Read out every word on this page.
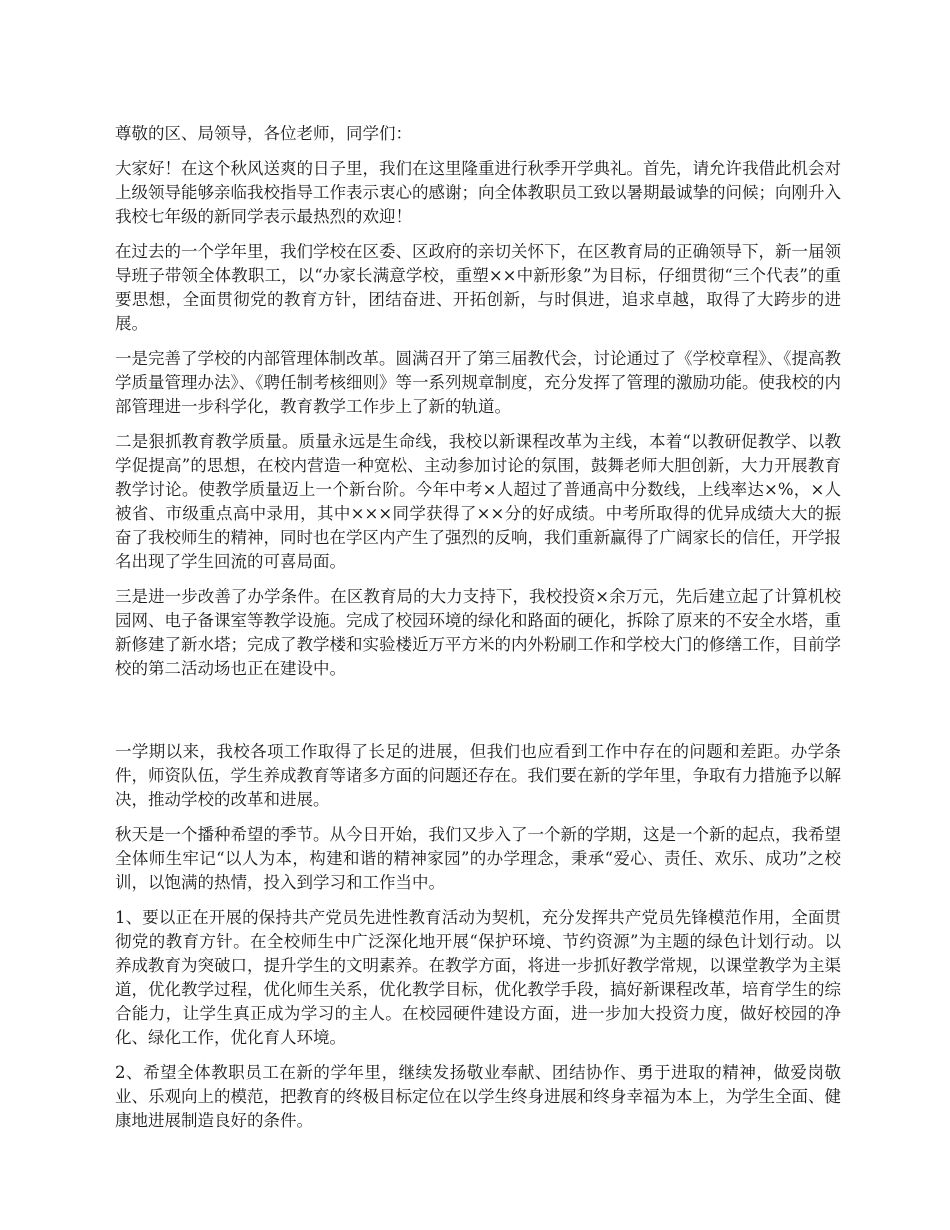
尊敬的区、局领导，各位老师，同学们：

大家好！在这个秋风送爽的日子里，我们在这里隆重进行秋季开学典礼。首先，请允许我借此机会对上级领导能够亲临我校指导工作表示衷心的感谢；向全体教职员工致以暑期最诚挚的问候；向刚升入我校七年级的新同学表示最热烈的欢迎！

在过去的一个学年里，我们学校在区委、区政府的亲切关怀下，在区教育局的正确领导下，新一届领导班子带领全体教职工，以“办家长满意学校，重塑××中新形象”为目标，仔细贯彻“三个代表”的重要思想，全面贯彻党的教育方针，团结奋进、开拓创新，与时俱进，追求卓越，取得了大跨步的进展。

一是完善了学校的内部管理体制改革。圆满召开了第三届教代会，讨论通过了《学校章程》、《提高教学质量管理办法》、《聘任制考核细则》等一系列规章制度，充分发挥了管理的激励功能。使我校的内部管理进一步科学化，教育教学工作步上了新的轨道。

二是狠抓教育教学质量。质量永远是生命线，我校以新课程改革为主线，本着“以教研促教学、以教学促提高”的思想，在校内营造一种宽松、主动参加讨论的氛围，鼓舞老师大胆创新，大力开展教育教学讨论。使教学质量迈上一个新台阶。今年中考×人超过了普通高中分数线，上线率达×%，×人被省、市级重点高中录用，其中×××同学获得了××分的好成绩。中考所取得的优异成绩大大的振奋了我校师生的精神，同时也在学区内产生了强烈的反响，我们重新赢得了广阔家长的信任，开学报名出现了学生回流的可喜局面。

三是进一步改善了办学条件。在区教育局的大力支持下，我校投资×余万元，先后建立起了计算机校园网、电子备课室等教学设施。完成了校园环境的绿化和路面的硬化，拆除了原来的不安全水塔，重新修建了新水塔；完成了教学楼和实验楼近万平方米的内外粉刷工作和学校大门的修缮工作，目前学校的第二活动场也正在建设中。

一学期以来，我校各项工作取得了长足的进展，但我们也应看到工作中存在的问题和差距。办学条件，师资队伍，学生养成教育等诸多方面的问题还存在。我们要在新的学年里，争取有力措施予以解决，推动学校的改革和进展。

秋天是一个播种希望的季节。从今日开始，我们又步入了一个新的学期，这是一个新的起点，我希望全体师生牢记“以人为本，构建和谐的精神家园”的办学理念，秉承“爱心、责任、欢乐、成功”之校训，以饱满的热情，投入到学习和工作当中。

1、要以正在开展的保持共产党员先进性教育活动为契机，充分发挥共产党员先锋模范作用，全面贯彻党的教育方针。在全校师生中广泛深化地开展“保护环境、节约资源”为主题的绿色计划行动。以养成教育为突破口，提升学生的文明素养。在教学方面，将进一步抓好教学常规，以课堂教学为主渠道，优化教学过程，优化师生关系，优化教学目标，优化教学手段，搞好新课程改革，培育学生的综合能力，让学生真正成为学习的主人。在校园硬件建设方面，进一步加大投资力度，做好校园的净化、绿化工作，优化育人环境。

2、希望全体教职员工在新的学年里，继续发扬敬业奉献、团结协作、勇于进取的精神，做爱岗敬业、乐观向上的模范，把教育的终极目标定位在以学生终身进展和终身幸福为本上，为学生全面、健康地进展制造良好的条件。
